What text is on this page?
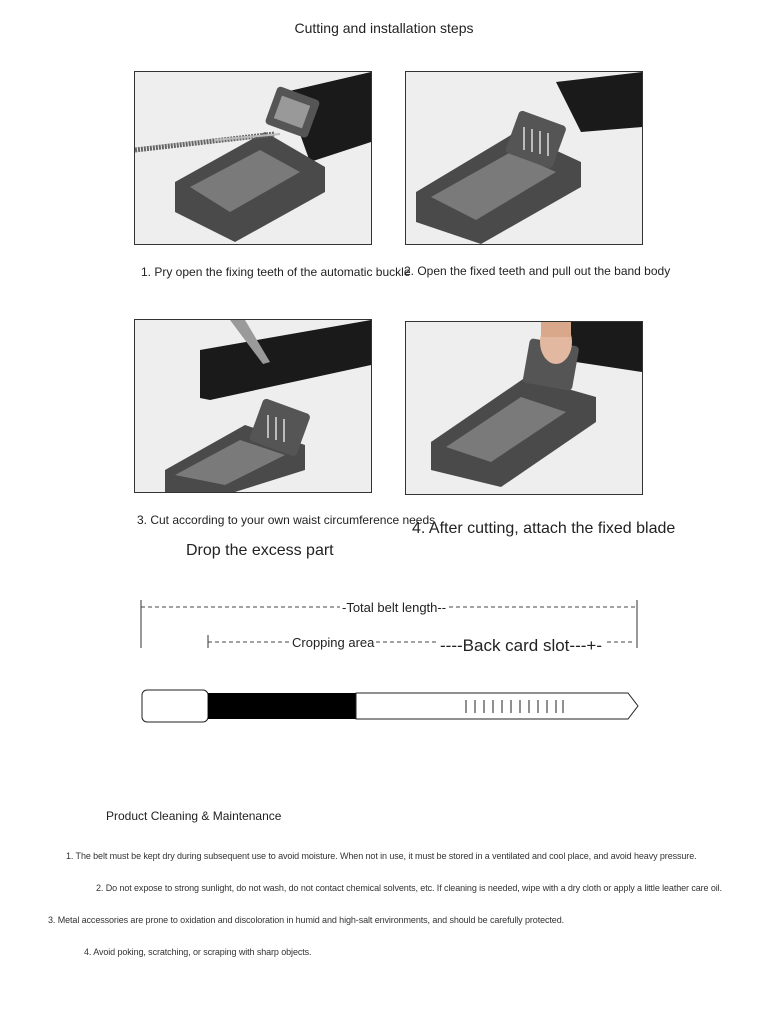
Cutting and installation steps
1. Pry open the fixing teeth of the automatic buckle
2. Open the fixed teeth and pull out the band body
3. Cut according to your own waist circumference needs
4. After cutting, attach the fixed blade
Drop the excess part
-Total belt length--
Cropping area	----Back card slot---+-
Product Cleaning & Maintenance
1. The belt must be kept dry during subsequent use to avoid moisture. When not in use, it must be stored in a ventilated and cool place, and avoid heavy pressure.
2. Do not expose to strong sunlight, do not wash, do not contact chemical solvents, etc. If cleaning is needed, wipe with a dry cloth or apply a little leather care oil.
3. Metal accessories are prone to oxidation and discoloration in humid and high-salt environments, and should be carefully protected.
4. Avoid poking, scratching, or scraping with sharp objects.
